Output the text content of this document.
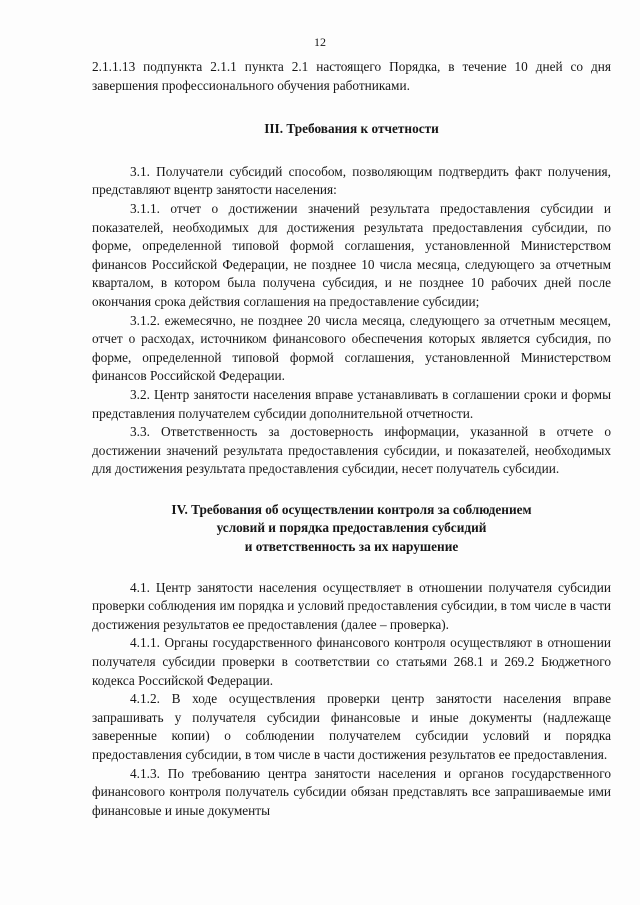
12

2.1.1.13 подпункта 2.1.1 пункта 2.1 настоящего Порядка, в течение 10 дней со дня завершения профессионального обучения работниками.

III. Требования к отчетности

3.1. Получатели субсидий способом, позволяющим подтвердить факт получения, представляют вцентр занятости населения:

3.1.1. отчет о достижении значений результата предоставления субсидии и показателей, необходимых для достижения результата предоставления субсидии, по форме, определенной типовой формой соглашения, установленной Министерством финансов Российской Федерации, не позднее 10 числа месяца, следующего за отчетным кварталом, в котором была получена субсидия, и не позднее 10 рабочих дней после окончания срока действия соглашения на предоставление субсидии;

3.1.2. ежемесячно, не позднее 20 числа месяца, следующего за отчетным месяцем, отчет о расходах, источником финансового обеспечения которых является субсидия, по форме, определенной типовой формой соглашения, установленной Министерством финансов Российской Федерации.

3.2. Центр занятости населения вправе устанавливать в соглашении сроки и формы представления получателем субсидии дополнительной отчетности.

3.3. Ответственность за достоверность информации, указанной в отчете о достижении значений результата предоставления субсидии, и показателей, необходимых для достижения результата предоставления субсидии, несет получатель субсидии.

IV. Требования об осуществлении контроля за соблюдением
условий и порядка предоставления субсидий
и ответственность за их нарушение

4.1. Центр занятости населения осуществляет в отношении получателя субсидии проверки соблюдения им порядка и условий предоставления субсидии, в том числе в части достижения результатов ее предоставления (далее – проверка).

4.1.1. Органы государственного финансового контроля осуществляют в отношении получателя субсидии проверки в соответствии со статьями 268.1 и 269.2 Бюджетного кодекса Российской Федерации.

4.1.2. В ходе осуществления проверки центр занятости населения вправе запрашивать у получателя субсидии финансовые и иные документы (надлежаще заверенные копии) о соблюдении получателем субсидии условий и порядка предоставления субсидии, в том числе в части достижения результатов ее предоставления.

4.1.3. По требованию центра занятости населения и органов государственного финансового контроля получатель субсидии обязан представлять все запрашиваемые ими финансовые и иные документы
